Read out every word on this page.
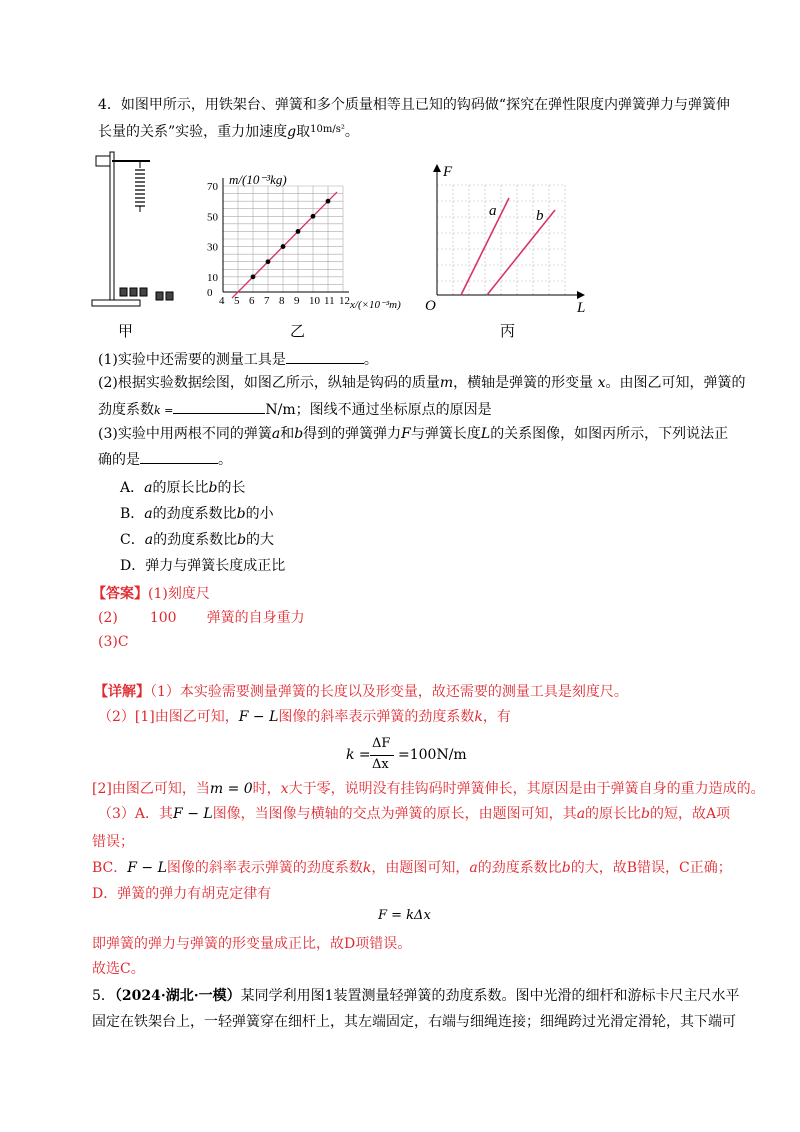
4．如图甲所示，用铁架台、弹簧和多个质量相等且已知的钩码做“探究在弹性限度内弹簧弹力与弹簧伸
长量的关系”实验，重力加速度g取$^{10m/s^2}$。
甲
4 5 6 7 8 9 10 11 12
0
10
30
50
70 m/(10⁻³kg)
x/(×10⁻³m)
乙
F
L
O
a	b
丙
(1)实验中还需要的测量工具是	。
(2)根据实验数据绘图，如图乙所示，纵轴是钩码的质量m，横轴是弹簧的形变量 x。由图乙可知，弹簧的
劲度系数k =	N/m；图线不通过坐标原点的原因是
(3)实验中用两根不同的弹簧a和b得到的弹簧弹力F与弹簧长度L的关系图像，如图丙所示，下列说法正
确的是	。
A．a的原长比b的长
B．a的劲度系数比b的小
C．a的劲度系数比b的大
D．弹力与弹簧长度成正比
【答案】(1)刻度尺
(2) 100 弹簧的自身重力
(3)C
【详解】（1）本实验需要测量弹簧的长度以及形变量，故还需要的测量工具是刻度尺。
（2）[1]由图乙可知，F − L图像的斜率表示弹簧的劲度系数k，有
k =
ΔF
Δx
=100N/m
[2]由图乙可知，当m = 0时，x大于零，说明没有挂钩码时弹簧伸长，其原因是由于弹簧自身的重力造成的。
（3）A．其F − L图像，当图像与横轴的交点为弹簧的原长，由题图可知，其a的原长比b的短，故A项
错误；
BC．F − L图像的斜率表示弹簧的劲度系数k，由题图可知，a的劲度系数比b的大，故B错误，C正确；
D．弹簧的弹力有胡克定律有
F = kΔx
即弹簧的弹力与弹簧的形变量成正比，故D项错误。
故选C。
5．（2024·湖北·一模）某同学利用图1装置测量轻弹簧的劲度系数。图中光滑的细杆和游标卡尺主尺水平
固定在铁架台上，一轻弹簧穿在细杆上，其左端固定，右端与细绳连接；细绳跨过光滑定滑轮，其下端可
